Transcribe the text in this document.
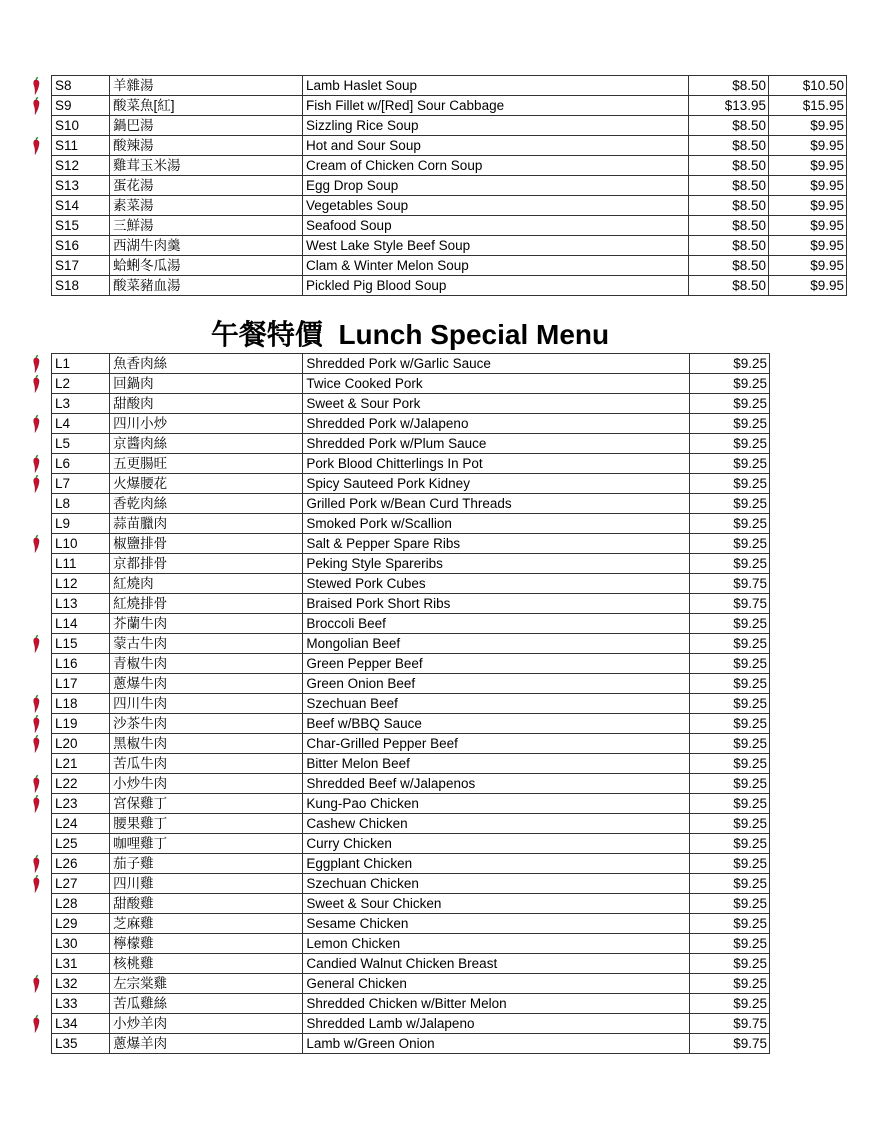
S8	羊雜湯	Lamb Haslet Soup	$8.50	$10.50
S9	酸菜魚[紅]	Fish Fillet w/[Red] Sour Cabbage	$13.95	$15.95
S10	鍋巴湯	Sizzling Rice Soup	$8.50	$9.95
S11	酸辣湯	Hot and Sour Soup	$8.50	$9.95
S12	雞茸玉米湯	Cream of Chicken Corn Soup	$8.50	$9.95
S13	蛋花湯	Egg Drop Soup	$8.50	$9.95
S14	素菜湯	Vegetables Soup	$8.50	$9.95
S15	三鮮湯	Seafood Soup	$8.50	$9.95
S16	西湖牛肉羹	West Lake Style Beef Soup	$8.50	$9.95
S17	蛤蜊冬瓜湯	Clam & Winter Melon Soup	$8.50	$9.95
S18	酸菜豬血湯	Pickled Pig Blood Soup	$8.50	$9.95
午餐特價 Lunch Special Menu
L1	魚香肉絲	Shredded Pork w/Garlic Sauce	$9.25
L2	回鍋肉	Twice Cooked Pork	$9.25
L3	甜酸肉	Sweet & Sour Pork	$9.25
L4	四川小炒	Shredded Pork w/Jalapeno	$9.25
L5	京醬肉絲	Shredded Pork w/Plum Sauce	$9.25
L6	五更腸旺	Pork Blood Chitterlings In Pot	$9.25
L7	火爆腰花	Spicy Sauteed Pork Kidney	$9.25
L8	香乾肉絲	Grilled Pork w/Bean Curd Threads	$9.25
L9	蒜苗臘肉	Smoked Pork w/Scallion	$9.25
L10	椒鹽排骨	Salt & Pepper Spare Ribs	$9.25
L11	京都排骨	Peking Style Spareribs	$9.25
L12	紅燒肉	Stewed Pork Cubes	$9.75
L13	紅燒排骨	Braised Pork Short Ribs	$9.75
L14	芥蘭牛肉	Broccoli Beef	$9.25
L15	蒙古牛肉	Mongolian Beef	$9.25
L16	青椒牛肉	Green Pepper Beef	$9.25
L17	蔥爆牛肉	Green Onion Beef	$9.25
L18	四川牛肉	Szechuan Beef	$9.25
L19	沙茶牛肉	Beef w/BBQ Sauce	$9.25
L20	黑椒牛肉	Char-Grilled Pepper Beef	$9.25
L21	苦瓜牛肉	Bitter Melon Beef	$9.25
L22	小炒牛肉	Shredded Beef w/Jalapenos	$9.25
L23	宮保雞丁	Kung-Pao Chicken	$9.25
L24	腰果雞丁	Cashew Chicken	$9.25
L25	咖哩雞丁	Curry Chicken	$9.25
L26	茄子雞	Eggplant Chicken	$9.25
L27	四川雞	Szechuan Chicken	$9.25
L28	甜酸雞	Sweet & Sour Chicken	$9.25
L29	芝麻雞	Sesame Chicken	$9.25
L30	檸檬雞	Lemon Chicken	$9.25
L31	核桃雞	Candied Walnut Chicken Breast	$9.25
L32	左宗棠雞	General Chicken	$9.25
L33	苦瓜雞絲	Shredded Chicken w/Bitter Melon	$9.25
L34	小炒羊肉	Shredded Lamb w/Jalapeno	$9.75
L35	蔥爆羊肉	Lamb w/Green Onion	$9.75
